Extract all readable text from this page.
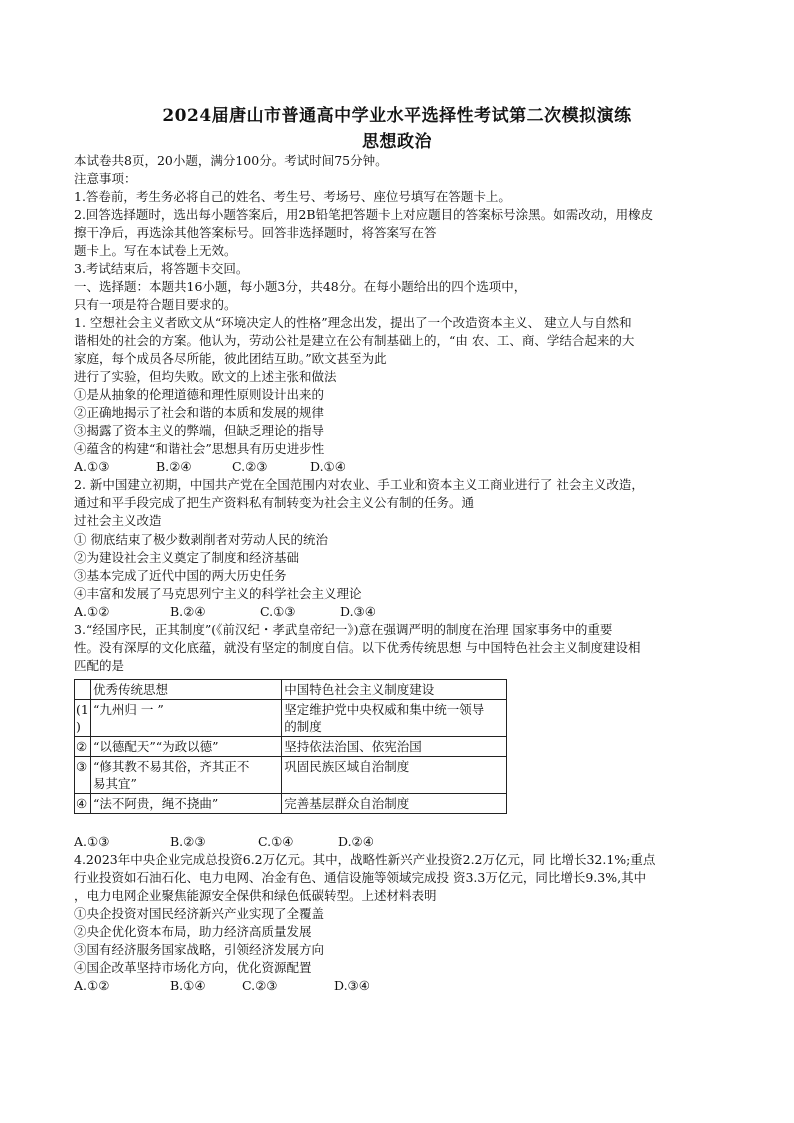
2024届唐山市普通高中学业水平选择性考试第二次模拟演练
思想政治
本试卷共8页，20小题，满分100分。考试时间75分钟。
注意事项：
1.答卷前，考生务必将自己的姓名、考生号、考场号、座位号填写在答题卡上。
2.回答选择题时，选出每小题答案后，用2B铅笔把答题卡上对应题目的答案标号涂黑。如需改动，用橡皮
擦干净后，再选涂其他答案标号。回答非选择题时，将答案写在答
题卡上。写在本试卷上无效。
3.考试结束后，将答题卡交回。
一、选择题：本题共16小题，每小题3分，共48分。在每小题给出的四个选项中，
只有一项是符合题目要求的。
1. 空想社会主义者欧文从“环境决定人的性格”理念出发，提出了一个改造资本主义、 建立人与自然和
谐相处的社会的方案。他认为，劳动公社是建立在公有制基础上的，“由 农、工、商、学结合起来的大
家庭，每个成员各尽所能，彼此团结互助。”欧文甚至为此
进行了实验，但均失败。欧文的上述主张和做法
①是从抽象的伦理道德和理性原则设计出来的
②正确地揭示了社会和谐的本质和发展的规律
③揭露了资本主义的弊端，但缺乏理论的指导
④蕴含的构建“和谐社会”思想具有历史进步性
A.①③	B.②④	C.②③	D.①④
2. 新中国建立初期，中国共产党在全国范围内对农业、手工业和资本主义工商业进行了 社会主义改造，
通过和平手段完成了把生产资料私有制转变为社会主义公有制的任务。通
过社会主义改造
① 彻底结束了极少数剥削者对劳动人民的统治
②为建设社会主义奠定了制度和经济基础
③基本完成了近代中国的两大历史任务
④丰富和发展了马克思列宁主义的科学社会主义理论
A.①②	B.②④	C.①③	D.③④
3.“经国序民，正其制度”(《前汉纪・孝武皇帝纪一》)意在强调严明的制度在治理 国家事务中的重要
性。没有深厚的文化底蕴，就没有坚定的制度自信。以下优秀传统思想 与中国特色社会主义制度建设相
匹配的是
	优秀传统思想	中国特色社会主义制度建设
(1
)	“九州归 一 ”	坚定维护党中央权威和集中统一领导
的制度
②	“以德配天”“为政以德”	坚持依法治国、依宪治国
③	“修其教不易其俗，齐其正不
易其宜”	巩固民族区域自治制度
④	“法不阿贵，绳不挠曲”	完善基层群众自治制度
A.①③	B.②③	C.①④	D.②④
4.2023年中央企业完成总投资6.2万亿元。其中，战略性新兴产业投资2.2万亿元，同 比增长32.1%;重点
行业投资如石油石化、电力电网、冶金有色、通信设施等领域完成投 资3.3万亿元，同比增长9.3%,其中
，电力电网企业聚焦能源安全保供和绿色低碳转型。上述材料表明
①央企投资对国民经济新兴产业实现了全覆盖
②央企优化资本布局，助力经济高质量发展
③国有经济服务国家战略，引领经济发展方向
④国企改革坚持市场化方向，优化资源配置
A.①②	B.①④	C.②③	D.③④
